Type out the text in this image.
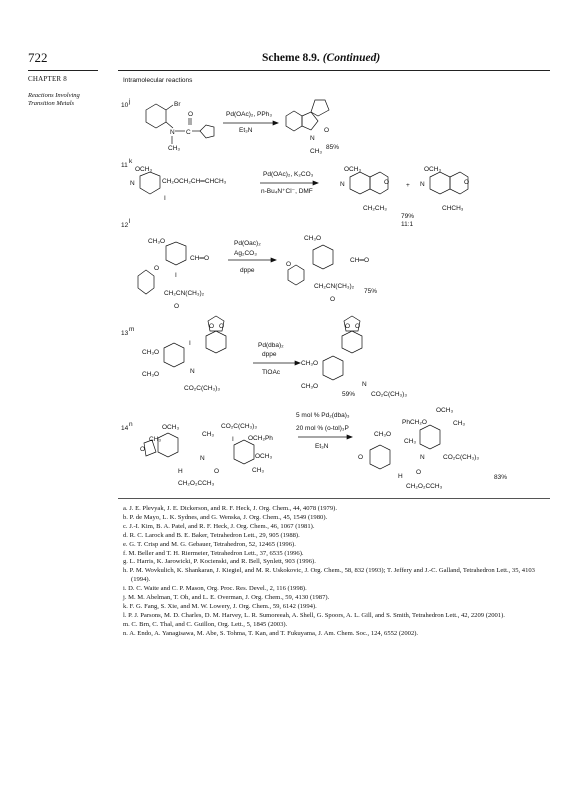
722	Scheme 8.9. (Continued)
CHAPTER 8
Reactions Involving Transition Metals
Intramolecular reactions
10
j	Br
N C
O
CH₃
Pd(OAc)₂, PPh₃
Et₃N	O
N
CH₃
85%
11
k
OCH₃
N	CH₂OCH₂CH═CHCH₃
I
Pd(OAc)₂, K₂CO₃
n-Bu₄N⁺Cl⁻, DMF
OCH₃
N	O
CH₂CH₃
+
OCH₃
N	O
CHCH₃
79%
11:1
12
l
CH₃O
O
I
CH═O
CH₂CN(CH₃)₂
O
Pd(Oac)₂
Ag₂CO₃
dppe
CH₃O
O
CH═O
CH₂CN(CH₃)₂
O
75%
13
m	O O
CH₃O
CH₃O
I
N
CO₂C(CH₃)₃
Pd(dba)₂
dppe
TlOAc
O O
CH₃O
CH₃O	N
CO₂C(CH₃)₃
59%
14
n	OCH₃
CH₃
O
H
CH₂O₂CCH₃
N
O
CH₃
CO₂C(CH₃)₃
I OCH₂Ph
OCH₃
CH₃
5 mol % Pd₂(dba)₃
20 mol % (o-tol)₃P
Et₃N
OCH₃
PhCH₂O	CH₃
CH₃O
CH₃
O	N	CO₂C(CH₃)₃
O
H
CH₂O₂CCH₃
83%
a. J. E. Plevyak, J. E. Dickerson, and R. F. Heck, J. Org. Chem., 44, 4078 (1979).
b. P. de Mayo, L. K. Sydnes, and G. Wenska, J. Org. Chem., 45, 1549 (1980).
c. J.-I. Kim, B. A. Patel, and R. F. Heck, J. Org. Chem., 46, 1067 (1981).
d. R. C. Larock and B. E. Baker, Tetrahedron Lett., 29, 905 (1988).
e. G. T. Crisp and M. G. Gebauer, Tetrahedron, 52, 12465 (1996).
f. M. Beller and T. H. Riermeier, Tetrahedron Lett., 37, 6535 (1996).
g. L. Harris, K. Jarowicki, P. Kocienski, and R. Bell, Synlett, 903 (1996).
h. P. M. Wovkulich, K. Shankaran, J. Kiegiel, and M. R. Uskokovic, J. Org. Chem., 58, 832 (1993); T. Jeffery and J.-C. Galland, Tetrahedron Lett., 35, 4103 (1994).
i. D. C. Waite and C. P. Mason, Org. Proc. Res. Devel., 2, 116 (1998).
j. M. M. Abelman, T. Oh, and L. E. Overman, J. Org. Chem., 59, 4130 (1987).
k. F. G. Fang, S. Xie, and M. W. Lowery, J. Org. Chem., 59, 6142 (1994).
l. P. J. Parsons, M. D. Charles, D. M. Harvey, L. R. Sumoreeah, A. Shell, G. Spoors, A. L. Gill, and S. Smith, Tetrahedron Lett., 42, 2209 (2001).
m. C. Brn, C. Thal, and C. Guillon, Org. Lett., 5, 1845 (2003).
n. A. Endo, A. Yanagisawa, M. Abe, S. Tohma, T. Kan, and T. Fukuyama, J. Am. Chem. Soc., 124, 6552 (2002).
